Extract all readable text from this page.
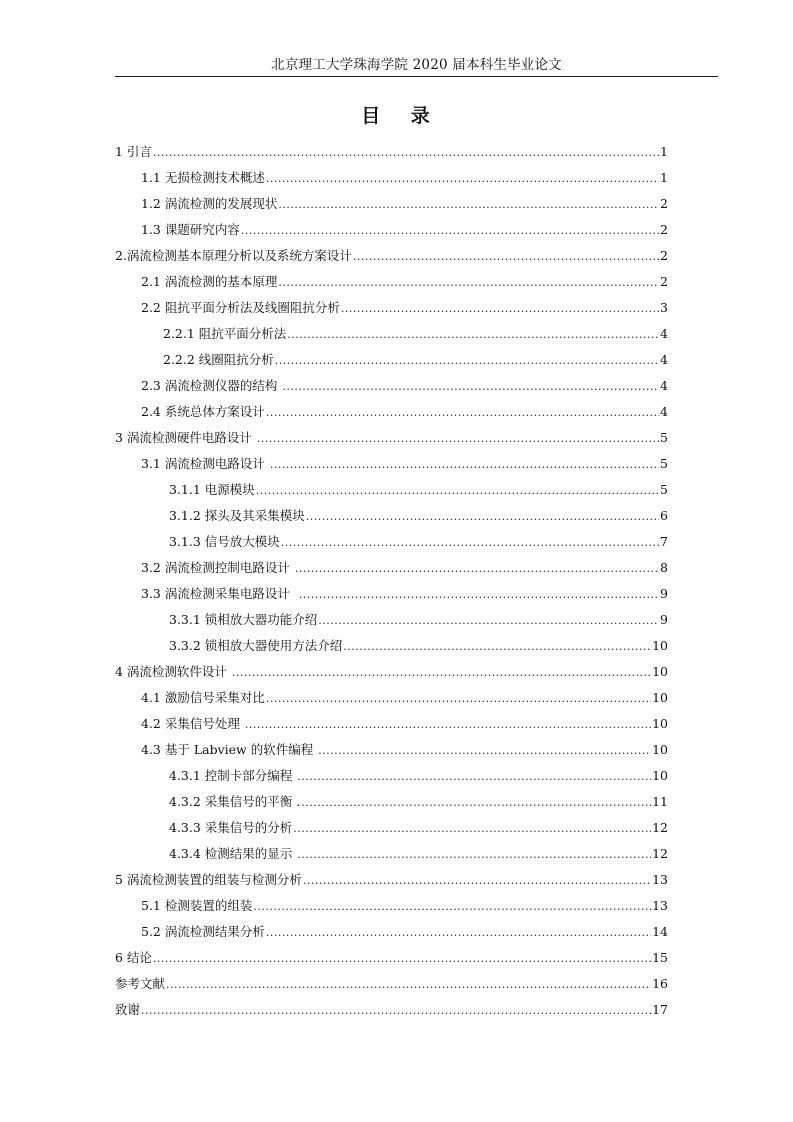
北京理工大学珠海学院 2020 届本科生毕业论文
目 录
1 引言 .....	1
1.1 无损检测技术概述 .....	1
1.2 涡流检测的发展现状 .....	2
1.3 课题研究内容 .....	2
2.涡流检测基本原理分析以及系统方案设计 .....	2
2.1 涡流检测的基本原理 .....	2
2.2 阻抗平面分析法及线圈阻抗分析 .....	3
2.2.1 阻抗平面分析法 .....	4
2.2.2 线圈阻抗分析 .....	4
2.3 涡流检测仪器的结构 .....	4
2.4 系统总体方案设计 .....	4
3 涡流检测硬件电路设计 .....	5
3.1 涡流检测电路设计 .....	5
3.1.1 电源模块 .....	5
3.1.2 探头及其采集模块 .....	6
3.1.3 信号放大模块 .....	7
3.2 涡流检测控制电路设计 .....	8
3.3 涡流检测采集电路设计 .....	9
3.3.1 锁相放大器功能介绍 .....	9
3.3.2 锁相放大器使用方法介绍 .....	10
4 涡流检测软件设计 .....	10
4.1 激励信号采集对比 .....	10
4.2 采集信号处理 .....	10
4.3 基于 Labview 的软件编程 .....	10
4.3.1 控制卡部分编程 .....	10
4.3.2 采集信号的平衡 . .....	11
4.3.3 采集信号的分析 .....	12
4.3.4 检测结果的显示 .....	12
5 涡流检测装置的组装与检测分析 .....	13
5.1 检测装置的组装 .....	13
5.2 涡流检测结果分析 .....	14
6 结论 .....	15
参考文献 .....	16
致谢 .....	17
